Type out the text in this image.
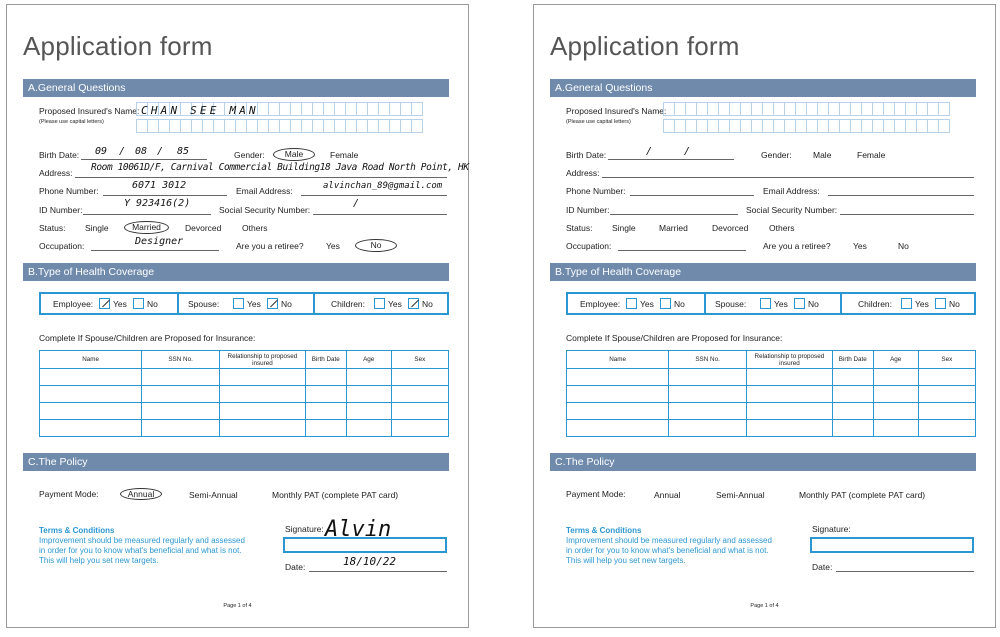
Application form
A.General Questions
Proposed Insured's Name:
(Please use capital letters)
CHAN SEE MAN
Birth Date: 09 / 08 / 85	Gender:	Male	Female
Address: Room 10061D/F, Carnival Commercial Building18 Java Road North Point, HK
Phone Number:	6071 3012	Email Address:	alvinchan_89@gmail.com
ID Number:
Y 923416(2)
Social Security Number:
/
Status: Single	Married	Devorced Others
Occupation:	Designer	Are you a retiree?	Yes	No
B.Type of Health Coverage
Employee: Yes No	Spouse:	Yes No	Children:	Yes No
Complete If Spouse/Children are Proposed for Insurance:
Name	SSN No.	Relationship to proposed insured	Birth Date	Age	Sex

C.The Policy
Payment Mode:	Annual	Semi-Annual	Monthly PAT (complete PAT card)
Terms & Conditions
Improvement should be measured regularly and assessed in order for you to know what's beneficial and what is not. This will help you set new targets.
Signature: Alvin
Date:	18/10/22
Page 1 of 4
Application form
A.General Questions
Proposed Insured's Name:
(Please use capital letters)
Birth Date:	/	/	Gender:	Male	Female
Address:
Phone Number:	Email Address:
ID Number:	Social Security Number:
Status: Single	Married	Devorced Others
Occupation:	Are you a retiree?	Yes	No
B.Type of Health Coverage
Employee: Yes No	Spouse:	Yes No	Children:	Yes No
Complete If Spouse/Children are Proposed for Insurance:
Name	SSN No.	Relationship to proposed insured	Birth Date	Age	Sex

C.The Policy
Payment Mode:	Annual	Semi-Annual	Monthly PAT (complete PAT card)
Terms & Conditions
Improvement should be measured regularly and assessed in order for you to know what's beneficial and what is not. This will help you set new targets.
Signature:
Date:
Page 1 of 4
